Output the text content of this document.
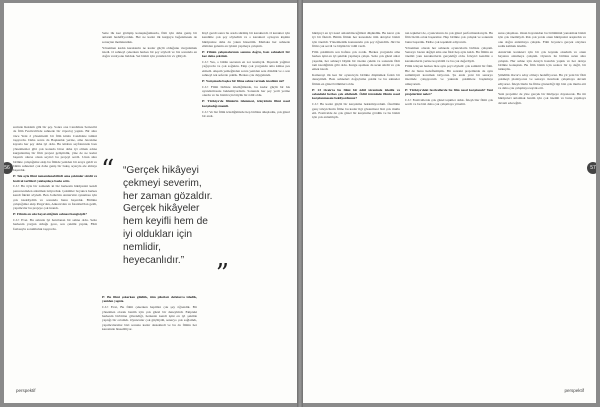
zerinde Reklam gibi bir şey. Sonra ona Candidate Seriesi'ni de film Festivali'nde sahnede bir röportaj yaptık. Bir süre önce Yeni 2 yönetmenli bir film kitabı Candidate ismini taşıyordu. Daha sonra da Başkanlık yerine, ama öncekine kıyasla her şey daha iyi oldu. Bu kitabın sayfalarında bazı yönetmenler gibi çok konuda biraz daha iyi olmak adına kurgulanmış bir film projesi geliştirdik, yine de ne kadar başarılı olursa olsun seyirci bu projeyi sevdi. Uzun süre birlikte çalıştığımız ekip bu filmde yeniden bir araya geldi ve bütün sahneleri çok daha geniş bir bakış açısıyla ele almayı başardık.

P: Tek ayla filmi tamamlanabilirdi ama çekimler sürdü ve festival tarihleri yaklaştıkça baskı arttı.

C.U: Bu öyle bir zamandı ki biz herkesin hikâyesini kendi penceresinden anlatmak istiyorduk. Çekimler boyunca herkes kendi fikrini söyledi. Ben Jodie'nin Annie'sini oynaması için çok istekliydim ve sonunda bunu başardık. Birlikte çalıştığımız ekip Parga'dan, Ankara'dan ve İstanbul'dan geldi, yapımcılar bu projeye çok inandı.

P: Filmin en sıkı hayal ettiğiniz sahnesi hangisiydi?

C.U: Evet. Bu aslında iyi hatırlanan bir sahne oldu. Sette herkesin yorgun olduğu gece, son çekimi yaptık, Film fazlasıyla sorumluluk taşıyordu.

Sette ilk kez görüşüp konuştuğumuzda, film için daha geniş bir anlatım hedefliyorduk. Her ne kadar ilk kurguyu beğenmesek de sonuçtan memnunduk.

Yönetmen kadın karakterin ne kadar güçlü olduğunu vurgulamak istedi. O sahneyi çekerken herkes bir şey söyledi ve biz sonunda en doğru versiyonu bulduk. Set bizim için yeniden bir ev gibiydi.

P: Bu filmi çekerken güldük, tüm pilotları defalarca izledik, yeniden yaptık.

C.U: Evet, Bu filmi çekerken hepimiz çok şey öğrendik. Bir yönetmen olarak benim için çok güzel bir deneyimdi. Ekipteki herkesin birbirine güvendiği, herkesin kendi işini en iyi şekilde yaptığı bir ortamdı. Oyuncular çok güçlüydü, senaryo çok sağlamdı, yapımcılarımız bizi sonuna kadar destekledi ve bu da filmin her karesinde hissediliyor.

Kiş'i gezdi sonra bu arada sürmüş bir karakterdi. O karakter için kendime çok şey söyledim ve o karakteri oynayan kişinin hikâyesine daha da yakın hissettim. Mutlaka her sahnede elimden gelenin en iyisini yapmaya çalıştım.

P: Filmin çalışmalarının sonuna doğru, bazı sahneleri bir kez daha çektiniz.

C.U: Yes, o bütün sezonun en zor kısmıydı. Dışarıda yağmur yağıyordu ve çok soğuktu. Ekip çok yorgundu ama kimse pes etmedi. Akşam yemeğinden sonra yeniden sete döndük ve o son sahneyi tek seferde çektik. Herkes çok duygulandı.

P: Yarışmada başka bir filme sahne vermek istediniz mi?

C.U: Filmi birlikte izlediğimizde, bu kadar güçlü bir his uyandırmasını beklemiyordum. Sonunda her şey yerli yerine oturdu ve bu bizim için büyük bir ödül oldu.

P: Türkiye'de filmlerin izlenmesi, izleyicinin filmi nasıl karşıladığı önemli.

C.U: Ve biz filmi izlediğimizde hep birlikte alkışladık, çok güzel bir andı.

“ “Gerçek hikâyeyi çekmeyi severim, her zaman gözaldır. Gerçek hikâyeler hem keyifli hem de iyi oldukları için nemlidir, heyecanlıdır.”	”
56
perspektif

hikâyeyi en iyi nasıl anlatabileceğimizi düşündük. Bu karar çok iyi bir fikirdi. Bütün filmin her karesinde tüm detaylar bizim için önemli. Yönetmenlik konusunda çok şey öğrendim. Jüri bu filmi çok sevdi ve büyük bir ödül verdi.

Film çekiminin son haftası çok zordu. Herkes yorgundu ama herkes işini en iyi şekilde yapmaya çalıştı. Sette çok güzel anlar yaşadık, her sahneyi büyük bir özenle çektik ve sonunda film tam istediğimiz gibi oldu. Kurgu aşaması da uzun sürdü ve çok emek istedi.

Kamerayı ilk kez bir oyuncuyla birlikte düşünmek farklı bir deneyimdi. Bazı sahneleri doğaçlama çektik ve bu sahneler filmin en güzel bölümleri oldu.

P: 23 Ocak'ta bu filmi bir ödül töreninde izledik ve salondaki herkes çok etkilendi. Ödül töreninde filmin nasıl karşılanmasını bekliyordunuz?

C.U: Bu kadar güçlü bir karşılama beklemiyordum. Özellikle genç izleyicilerin filme bu kadar ilgi göstermesi bizi çok mutlu etti. Festivalde de çok güzel bir karşılama gördük ve bu bizim için çok anlamlıydı.

nın tepkileri de, oyuncuların da çok güzel performanslarıydı. Bu film bizim ortak başarımız. Hep birlikte çok çalıştık ve sonunda bunu başardık. Ekibe çok teşekkür ediyorum.

Yönetmen olarak her sahnede oyuncularla birlikte çalıştım. Senaryo bazen değişti ama ana fikir hep aynı kaldı. Bu filmin en önemli yanı karakterlerin gerçekliği oldu. İzleyici kendini o karakterlerin yerine koyabildi ve bu çok değerliydi.

Filmi izleyen herkes bize aynı şeyi söyledi: çok samimi bir film. Biz de bunu hedeflemiştik. Bir sonraki projemizde de aynı samimiyeti korumak istiyoruz. Şu anda yeni bir senaryo üzerinde çalışıyorum ve yakında çekimlere başlamayı umuyorum.

P: Türkiye'deki festivallerde bu film nasıl karşılandı? Yeni projeleriniz neler?

C.U: Festivallerde çok güzel tepkiler aldık. İzleyiciler filmi çok sevdi ve bu bizi daha çok çalışmaya yöneltti.

sunu çalışması. Onun hayatından bu bölümünü yansıtmak bizim için çok önemliydi. Pek çok yerde onun hikâyesini araştırdık ve onu doğru anlatmaya çalıştık. Film boyunca gerçek olaylara sadık kalmak istedik.

Annie'nin karakteri için bir çok kaynak okudum ve onun hayatını anlamaya çalıştım. Oyuncu ile birlikte uzun süre çalıştık. Her sahne için detaylı hazırlık yaptık ve her detayı birlikte konuştuk. Bu film bizim için sadece bir iş değil, bir tutkuydu.

Şimdilik Oscar'a aday olmayı hedefliyoruz. Bu yıl yeni bir film çekmeyi planlıyoruz ve senaryo üzerinde çalışmaya devam ediyoruz. İzleyicilerin bu filme gösterdiği ilgi bizi çok mutlu etti ve daha çok çalışmaya teşvik etti.

Yeni projemiz de yine gerçek bir hikâyeye dayanacak. Bu tür hikâyeleri anlatmak benim için çok önemli ve bunu yapmaya devam edeceğim.

57
perspektif
